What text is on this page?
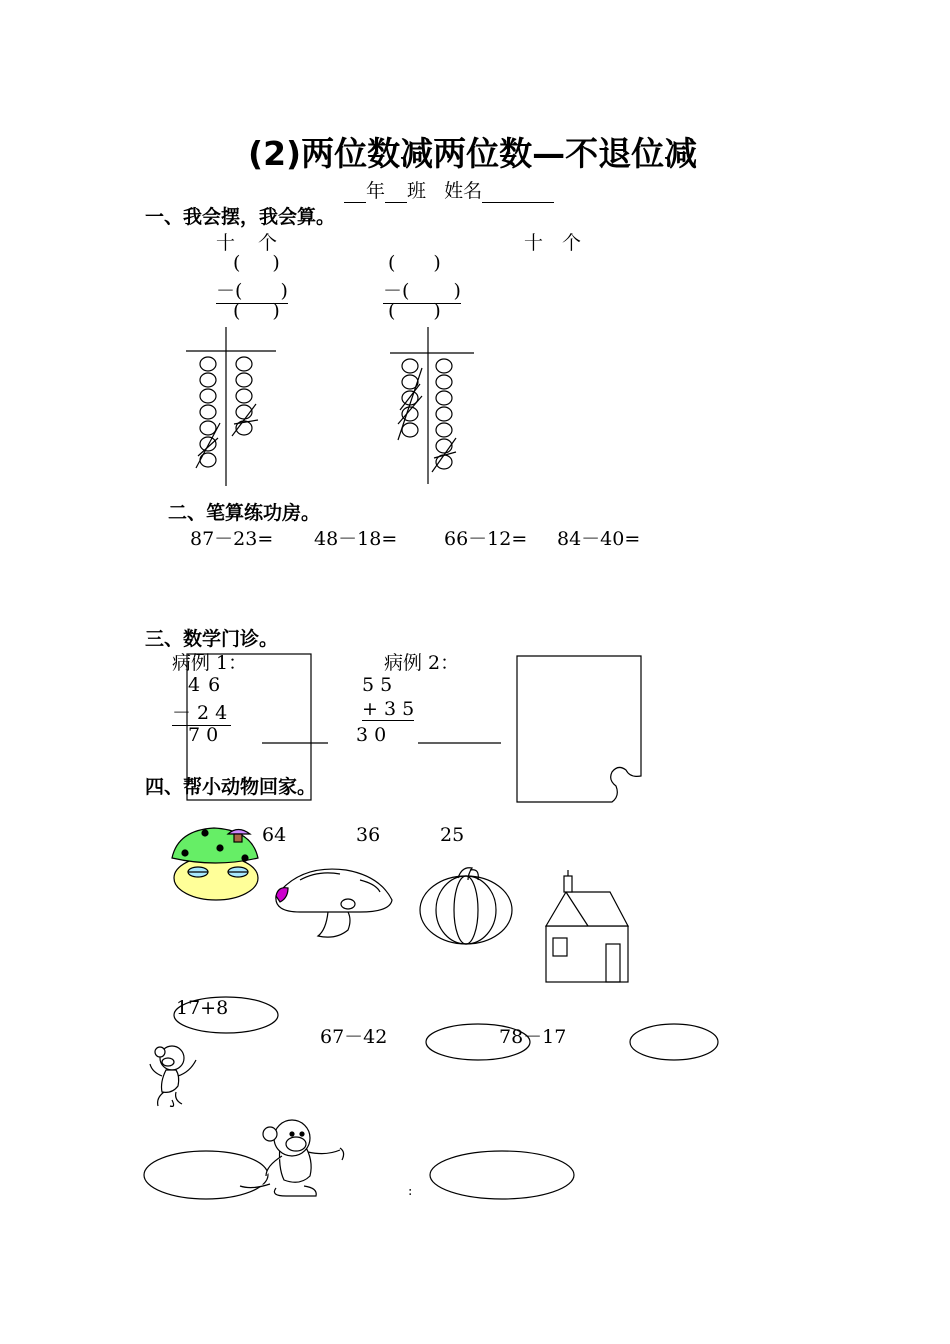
(2)两位数减两位数—不退位减
年 班 姓名
一、我会摆，我会算。
十 个	十 个
( )
－( )
( )
( )
－( )
( )
二、笔算练功房。
87－23= 48－18= 66－12= 84－40=
三、数学门诊。
病例 1：
4 6
－ 2 4
7 0
病例 2：
5 5
+ 3 5
3 0
四、帮小动物回家。
64	36	25
17+8
67－42	78－17
:
